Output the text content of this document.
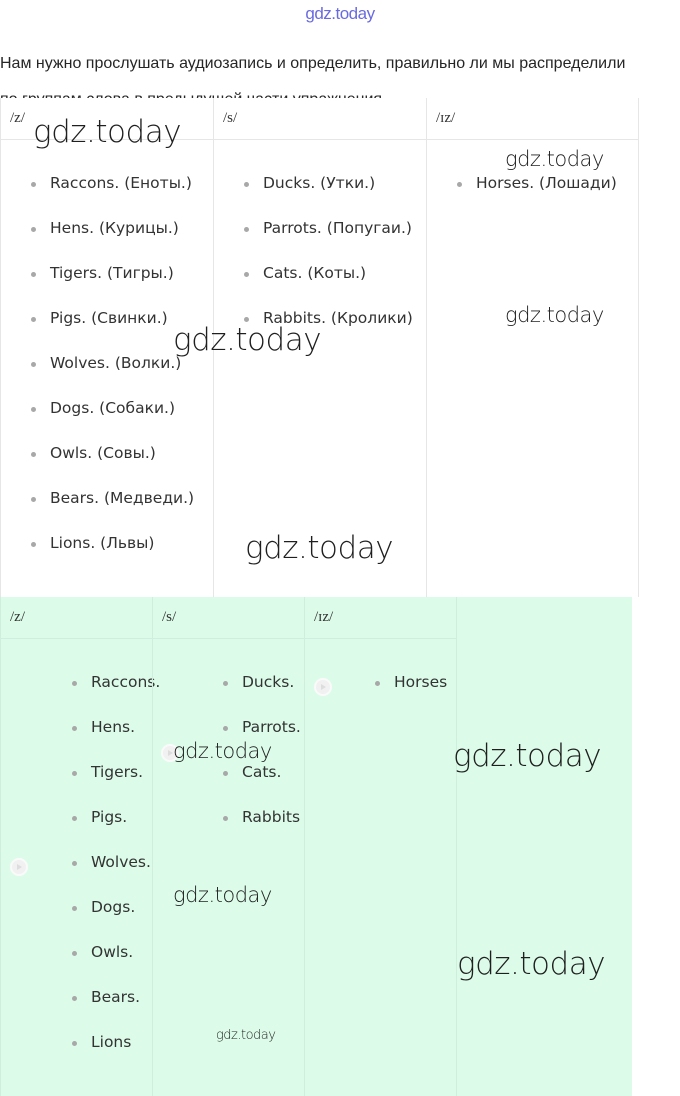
gdz.today

Нам нужно прослушать аудиозапись и определить, правильно ли мы распределили

/z/
Raccons. (Еноты.)
Hens. (Курицы.)
Tigers. (Тигры.)
Pigs. (Свинки.)
Wolves. (Волки.)
Dogs. (Собаки.)
Owls. (Совы.)
Bears. (Медведи.)
Lions. (Львы)
/s/
Ducks. (Утки.)
Parrots. (Попугаи.)
Cats. (Коты.)
Rabbits. (Кролики)
/ɪz/
Horses. (Лошади)
/z/
Raccons.
Hens.
Tigers.
Pigs.
Wolves.
Dogs.
Owls.
Bears.
Lions
/s/
Ducks.
Parrots.
Cats.
Rabbits
/ɪz/
Horses
gdz.today
gdz.today
gdz.today
gdz.today
gdz.today
gdz.today	gdz.today
gdz.today
gdz.today
gdz.today
